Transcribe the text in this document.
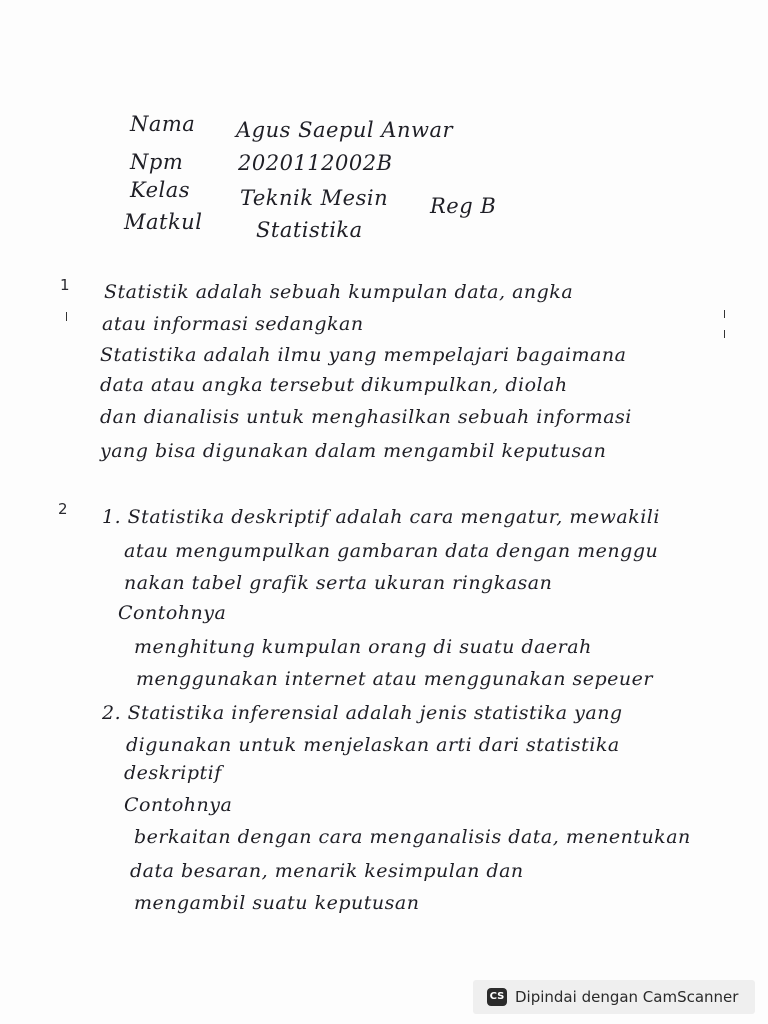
Nama Agus Saepul Anwar
Npm	2020112002B
Kelas Teknik Mesin Reg B
Matkul	Statistika
1 Statistik adalah sebuah kumpulan data, angka
atau informasi sedangkan
Statistika adalah ilmu yang mempelajari bagaimana
data atau angka tersebut dikumpulkan, diolah
dan dianalisis untuk menghasilkan sebuah informasi
yang bisa digunakan dalam mengambil keputusan
2 1. Statistika deskriptif adalah cara mengatur, mewakili
atau mengumpulkan gambaran data dengan menggu
nakan tabel grafik serta ukuran ringkasan
Contohnya
menghitung kumpulan orang di suatu daerah
menggunakan internet atau menggunakan sepeuer
2. Statistika inferensial adalah jenis statistika yang
digunakan untuk menjelaskan arti dari statistika
deskriptif
Contohnya
berkaitan dengan cara menganalisis data, menentukan
data besaran, menarik kesimpulan dan
mengambil suatu keputusan
CS Dipindai dengan CamScanner
